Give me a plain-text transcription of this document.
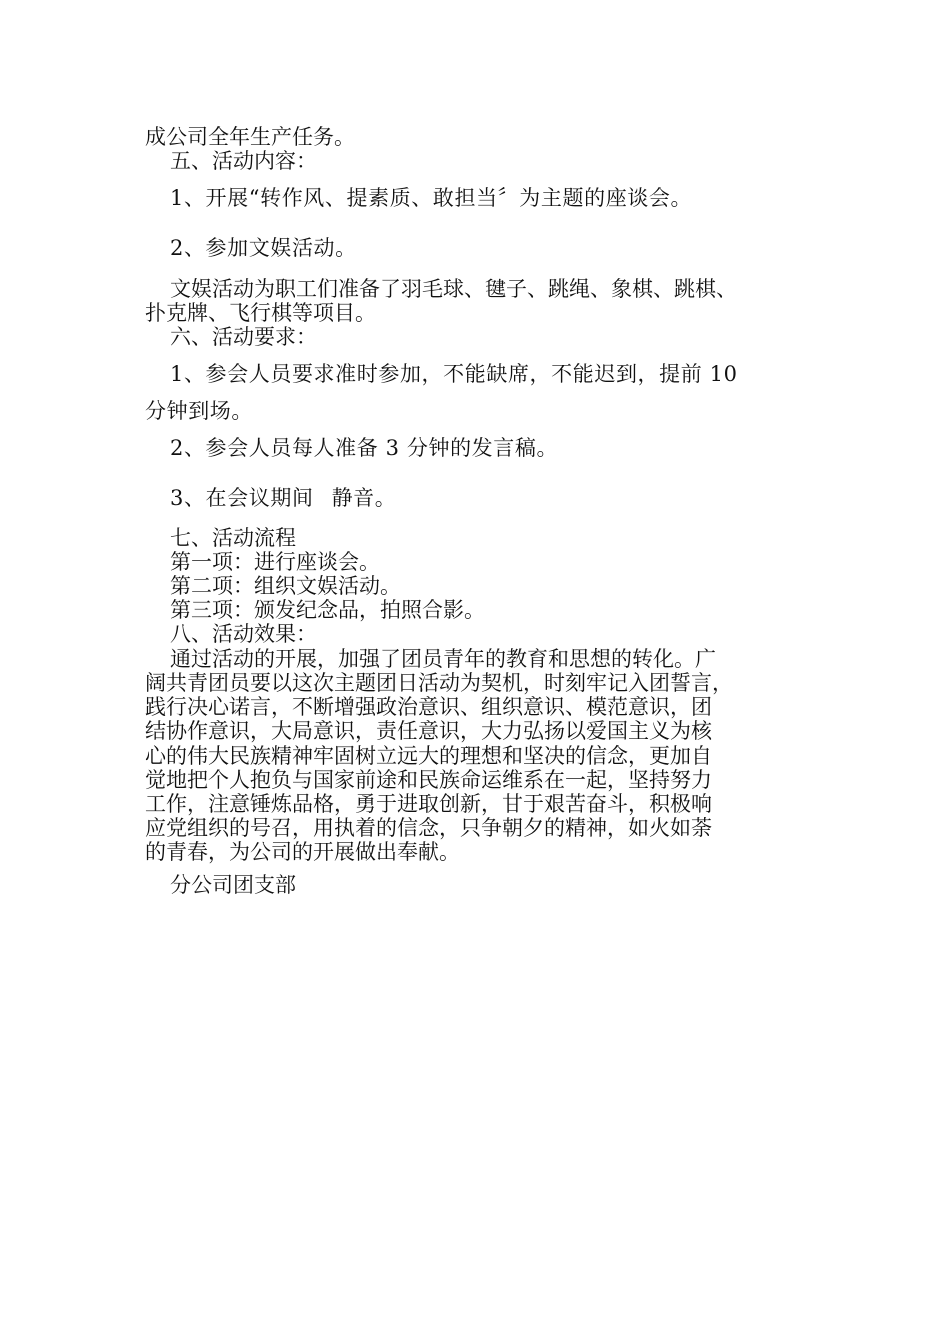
成公司全年生产任务。
五、活动内容：
1、开展“转作风、提素质、敢担当〞为主题的座谈会。
2、参加文娱活动。
文娱活动为职工们准备了羽毛球、毽子、跳绳、象棋、跳棋、
扑克牌、飞行棋等项目。
六、活动要求：
1、参会人员要求准时参加，不能缺席，不能迟到，提前 10
分钟到场。
2、参会人员每人准备 3 分钟的发言稿。
3、在会议期间 静音。
七、活动流程
第一项：进行座谈会。
第二项：组织文娱活动。
第三项：颁发纪念品，拍照合影。
八、活动效果：
通过活动的开展，加强了团员青年的教育和思想的转化。广
阔共青团员要以这次主题团日活动为契机，时刻牢记入团誓言，
践行决心诺言，不断增强政治意识、组织意识、模范意识，团
结协作意识，大局意识，责任意识，大力弘扬以爱国主义为核
心的伟大民族精神牢固树立远大的理想和坚决的信念，更加自
觉地把个人抱负与国家前途和民族命运维系在一起，坚持努力
工作，注意锤炼品格，勇于进取创新，甘于艰苦奋斗，积极响
应党组织的号召，用执着的信念，只争朝夕的精神，如火如荼
的青春，为公司的开展做出奉献。
分公司团支部
